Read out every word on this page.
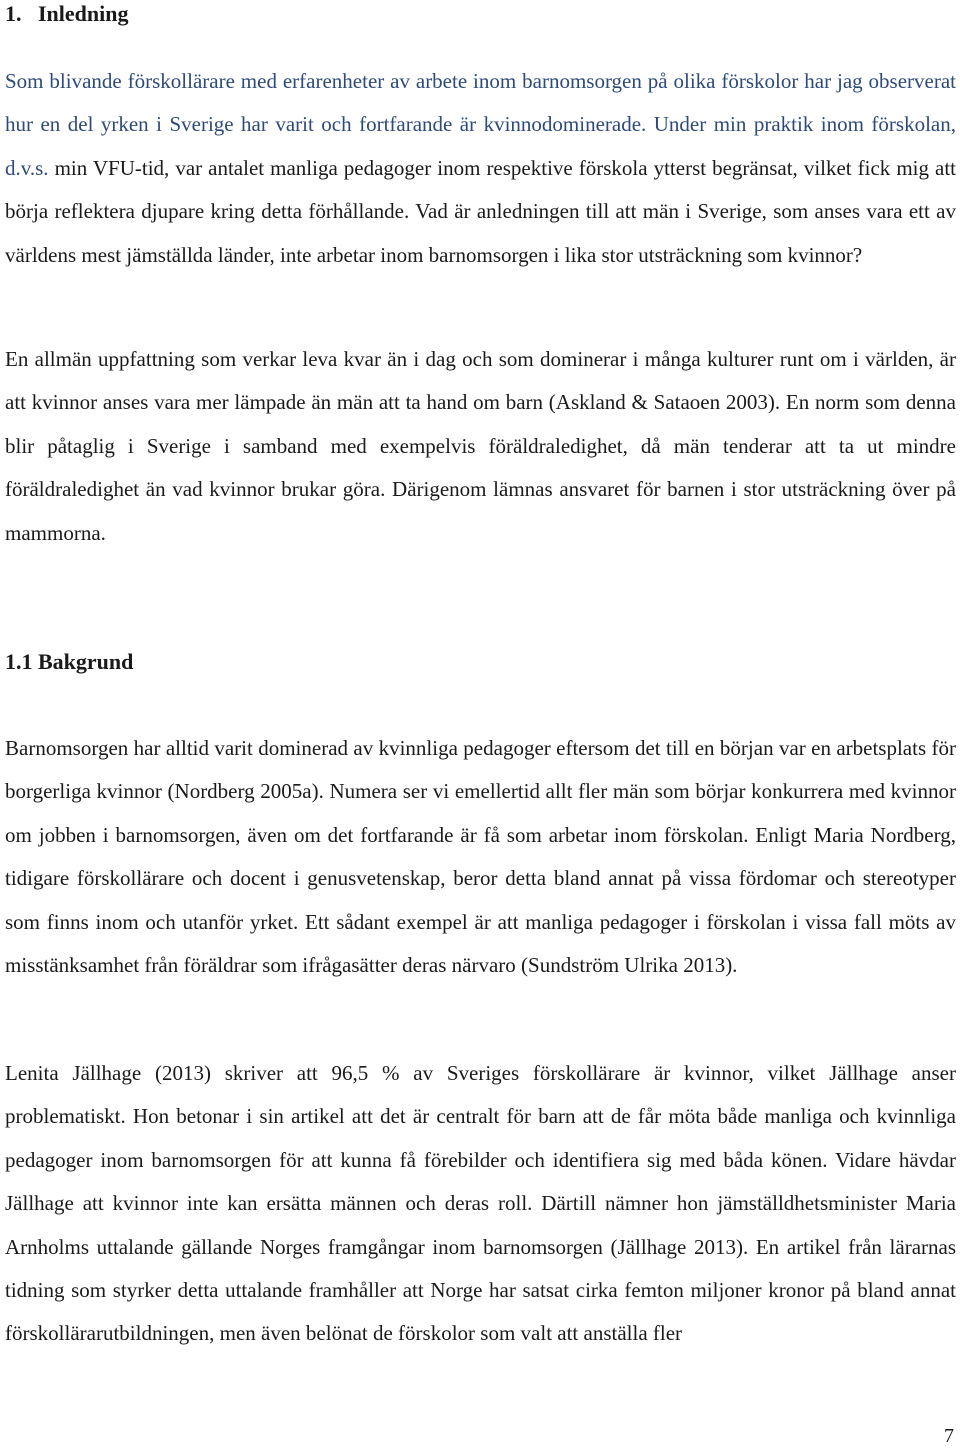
1.   Inledning

Som blivande förskollärare med erfarenheter av arbete inom barnomsorgen på olika förskolor har jag observerat hur en del yrken i Sverige har varit och fortfarande är kvinnodominerade. Under min praktik inom förskolan, d.v.s. min VFU-tid, var antalet manliga pedagoger inom respektive förskola ytterst begränsat, vilket fick mig att börja reflektera djupare kring detta förhållande. Vad är anledningen till att män i Sverige, som anses vara ett av världens mest jämställda länder, inte arbetar inom barnomsorgen i lika stor utsträckning som kvinnor?

En allmän uppfattning som verkar leva kvar än i dag och som dominerar i många kulturer runt om i världen, är att kvinnor anses vara mer lämpade än män att ta hand om barn (Askland & Sataoen 2003). En norm som denna blir påtaglig i Sverige i samband med exempelvis föräldraledighet, då män tenderar att ta ut mindre föräldraledighet än vad kvinnor brukar göra. Därigenom lämnas ansvaret för barnen i stor utsträckning över på mammorna.

1.1 Bakgrund

Barnomsorgen har alltid varit dominerad av kvinnliga pedagoger eftersom det till en början var en arbetsplats för borgerliga kvinnor (Nordberg 2005a). Numera ser vi emellertid allt fler män som börjar konkurrera med kvinnor om jobben i barnomsorgen, även om det fortfarande är få som arbetar inom förskolan. Enligt Maria Nordberg, tidigare förskollärare och docent i genusvetenskap, beror detta bland annat på vissa fördomar och stereotyper som finns inom och utanför yrket. Ett sådant exempel är att manliga pedagoger i förskolan i vissa fall möts av misstänksamhet från föräldrar som ifrågasätter deras närvaro (Sundström Ulrika 2013).

Lenita Jällhage (2013) skriver att 96,5 % av Sveriges förskollärare är kvinnor, vilket Jällhage anser problematiskt. Hon betonar i sin artikel att det är centralt för barn att de får möta både manliga och kvinnliga pedagoger inom barnomsorgen för att kunna få förebilder och identifiera sig med båda könen. Vidare hävdar Jällhage att kvinnor inte kan ersätta männen och deras roll. Därtill nämner hon jämställdhetsminister Maria Arnholms uttalande gällande Norges framgångar inom barnomsorgen (Jällhage 2013). En artikel från lärarnas tidning som styrker detta uttalande framhåller att Norge har satsat cirka femton miljoner kronor på bland annat förskollärarutbildningen, men även belönat de förskolor som valt att anställa fler

7
